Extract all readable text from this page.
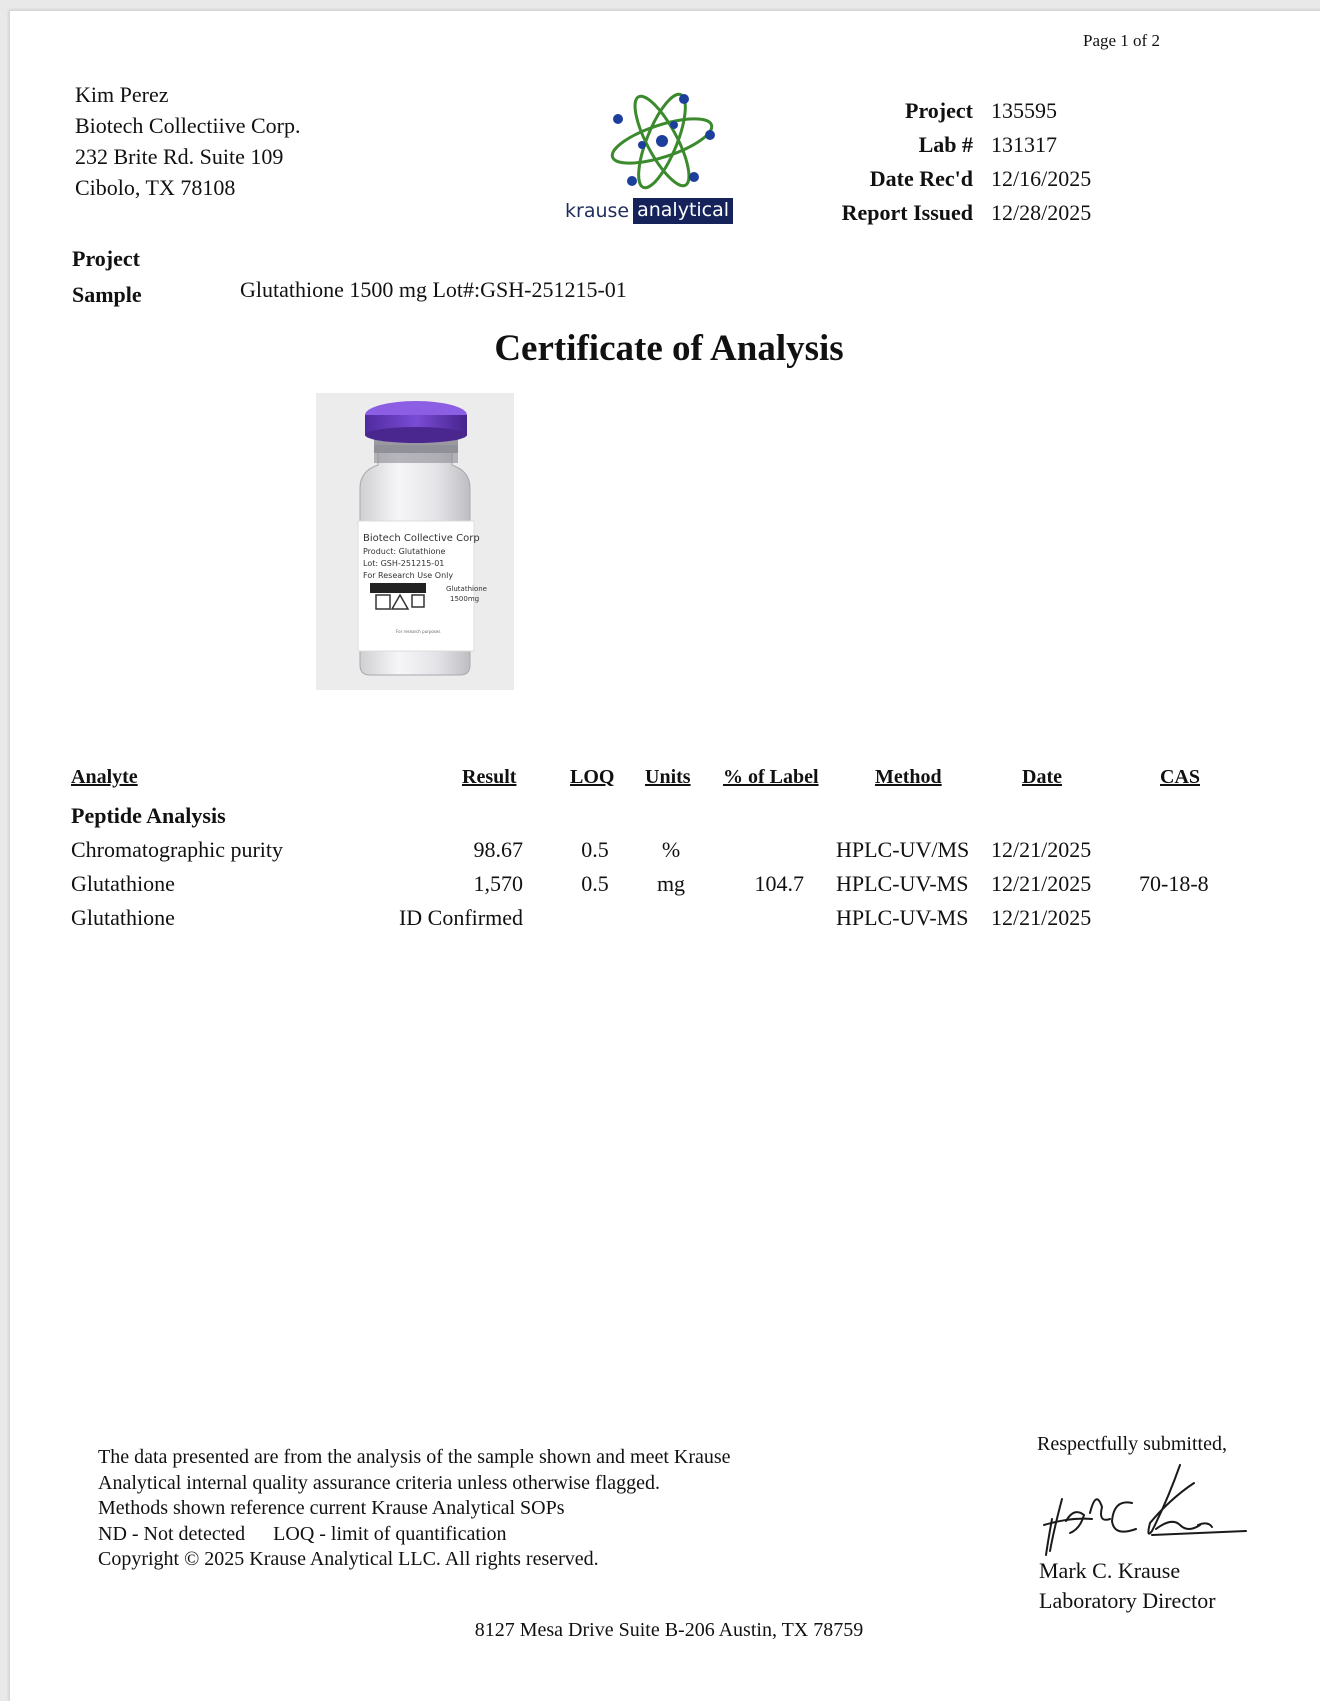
Page 1 of 2
Kim Perez
Biotech Collectiive Corp.
232 Brite Rd. Suite 109
Cibolo, TX 78108
krause analytical
Project 135595
Lab # 131317
Date Rec'd 12/16/2025
Report Issued 12/28/2025
Project
Sample	Glutathione 1500 mg Lot#:GSH-251215-01
Certificate of Analysis
Biotech Collective Corp
Product: Glutathione
Lot: GSH-251215-01
For Research Use Only
Glutathione
1500mg
For research purposes
Analyte	Result	LOQ Units % of Label	Method	Date	CAS
Peptide Analysis
Chromatographic purity	98.67	0.5	%	HPLC-UV/MS 12/21/2025
Glutathione	1,570	0.5	mg	104.7 HPLC-UV-MS 12/21/2025 70-18-8
Glutathione	ID Confirmed	HPLC-UV-MS 12/21/2025
The data presented are from the analysis of the sample shown and meet Krause
Analytical internal quality assurance criteria unless otherwise flagged.
Methods shown reference current Krause Analytical SOPs
ND - Not detected LOQ - limit of quantification
Copyright © 2025 Krause Analytical LLC. All rights reserved.
Respectfully submitted,
Mark C. Krause
Laboratory Director
8127 Mesa Drive Suite B-206 Austin, TX 78759
